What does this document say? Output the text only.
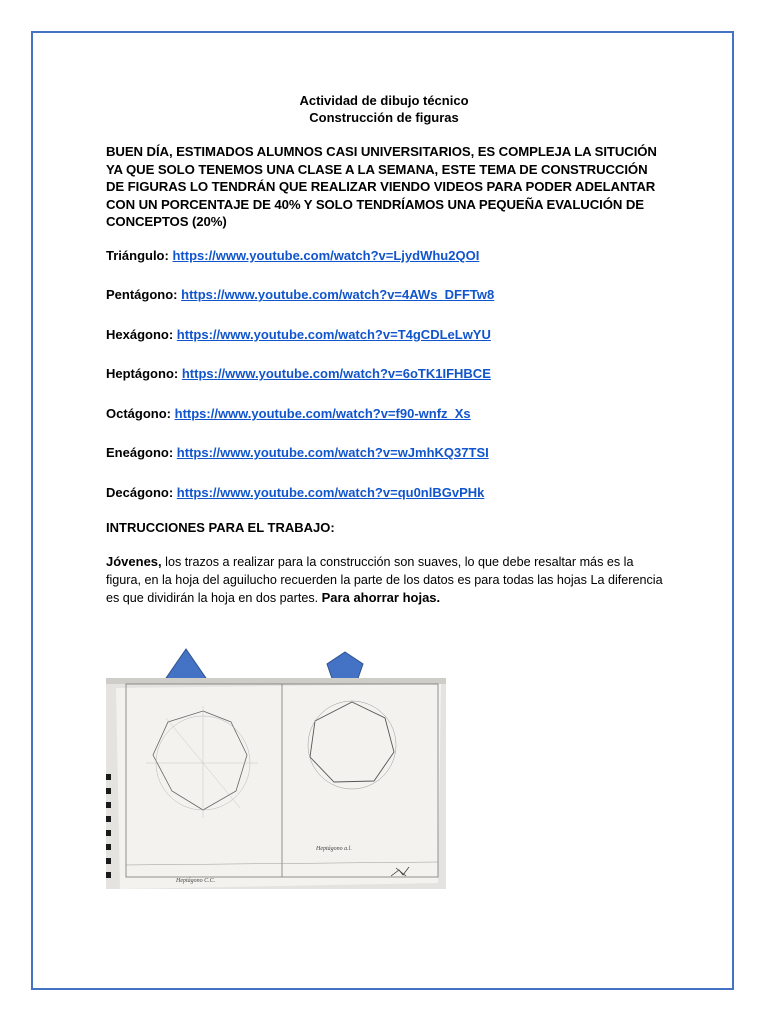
Actividad de dibujo técnico
Construcción de figuras
BUEN DÍA, ESTIMADOS ALUMNOS CASI UNIVERSITARIOS, ES COMPLEJA LA SITUCIÓN YA QUE SOLO TENEMOS UNA CLASE A LA SEMANA, ESTE TEMA DE CONSTRUCCIÓN DE FIGURAS LO TENDRÁN QUE REALIZAR VIENDO VIDEOS PARA PODER ADELANTAR CON UN PORCENTAJE DE 40% Y SOLO TENDRÍAMOS UNA PEQUEÑA EVALUCIÓN DE CONCEPTOS (20%)
Triángulo: https://www.youtube.com/watch?v=LjydWhu2QOI
Pentágono: https://www.youtube.com/watch?v=4AWs_DFFTw8
Hexágono: https://www.youtube.com/watch?v=T4gCDLeLwYU
Heptágono: https://www.youtube.com/watch?v=6oTK1IFHBCE
Octágono: https://www.youtube.com/watch?v=f90-wnfz_Xs
Eneágono: https://www.youtube.com/watch?v=wJmhKQ37TSI
Decágono: https://www.youtube.com/watch?v=qu0nlBGvPHk
INTRUCCIONES PARA EL TRABAJO:
Jóvenes, los trazos a realizar para la construcción son suaves, lo que debe resaltar más es la figura, en la hoja del aguilucho recuerden la parte de los datos es para todas las hojas La diferencia es que dividirán la hoja en dos partes. Para ahorrar hojas.
Heptágono C.C.
Heptágono a.l.
